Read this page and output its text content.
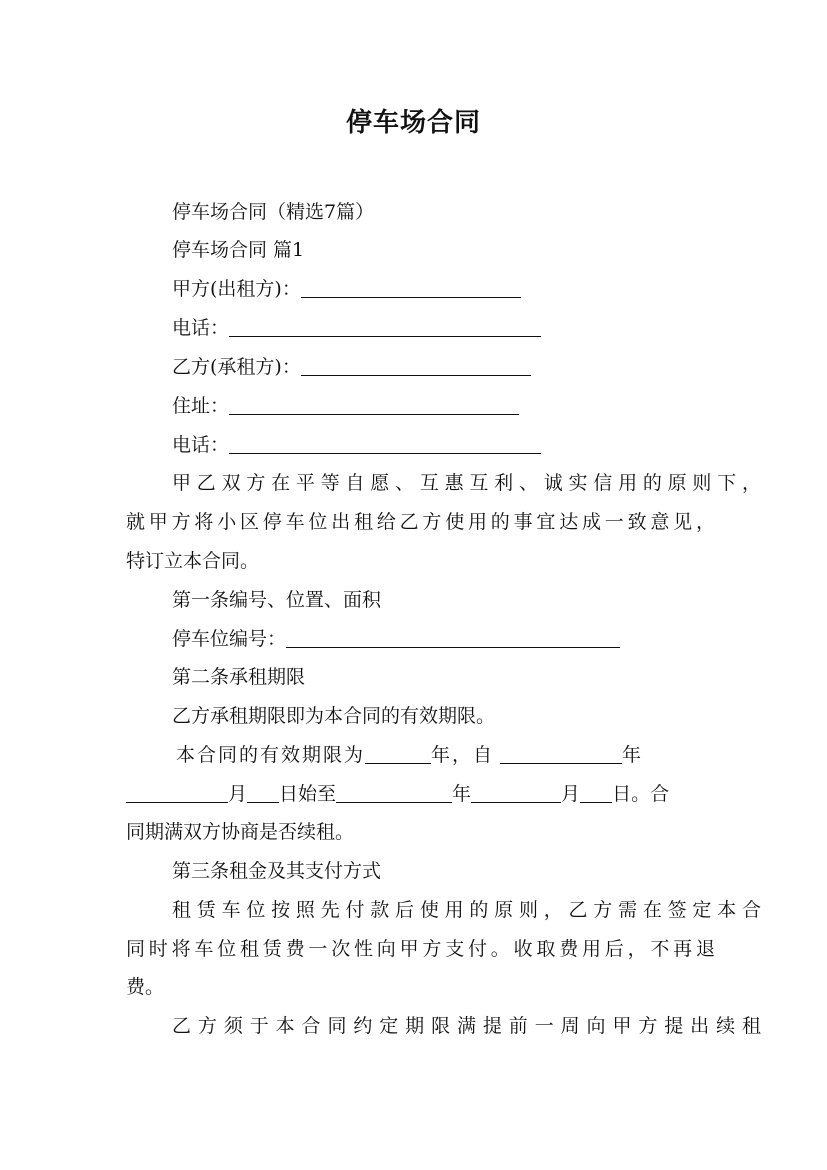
停车场合同
停车场合同（精选7篇）
停车场合同 篇1
甲方(出租方)：
电话：
乙方(承租方)：
住址：
电话：
甲乙双方在平等自愿、互惠互利、诚实信用的原则下，
就甲方将小区停车位出租给乙方使用的事宜达成一致意见，
特订立本合同。
第一条编号、位置、面积
停车位编号：
第二条承租期限
乙方承租期限即为本合同的有效期限。
本合同的有效期限为	年，自	年
月 日始至	年	月 日。合
同期满双方协商是否续租。
第三条租金及其支付方式
租赁车位按照先付款后使用的原则，乙方需在签定本合
同时将车位租赁费一次性向甲方支付。收取费用后，不再退
费。
乙方须于本合同约定期限满提前一周向甲方提出续租
